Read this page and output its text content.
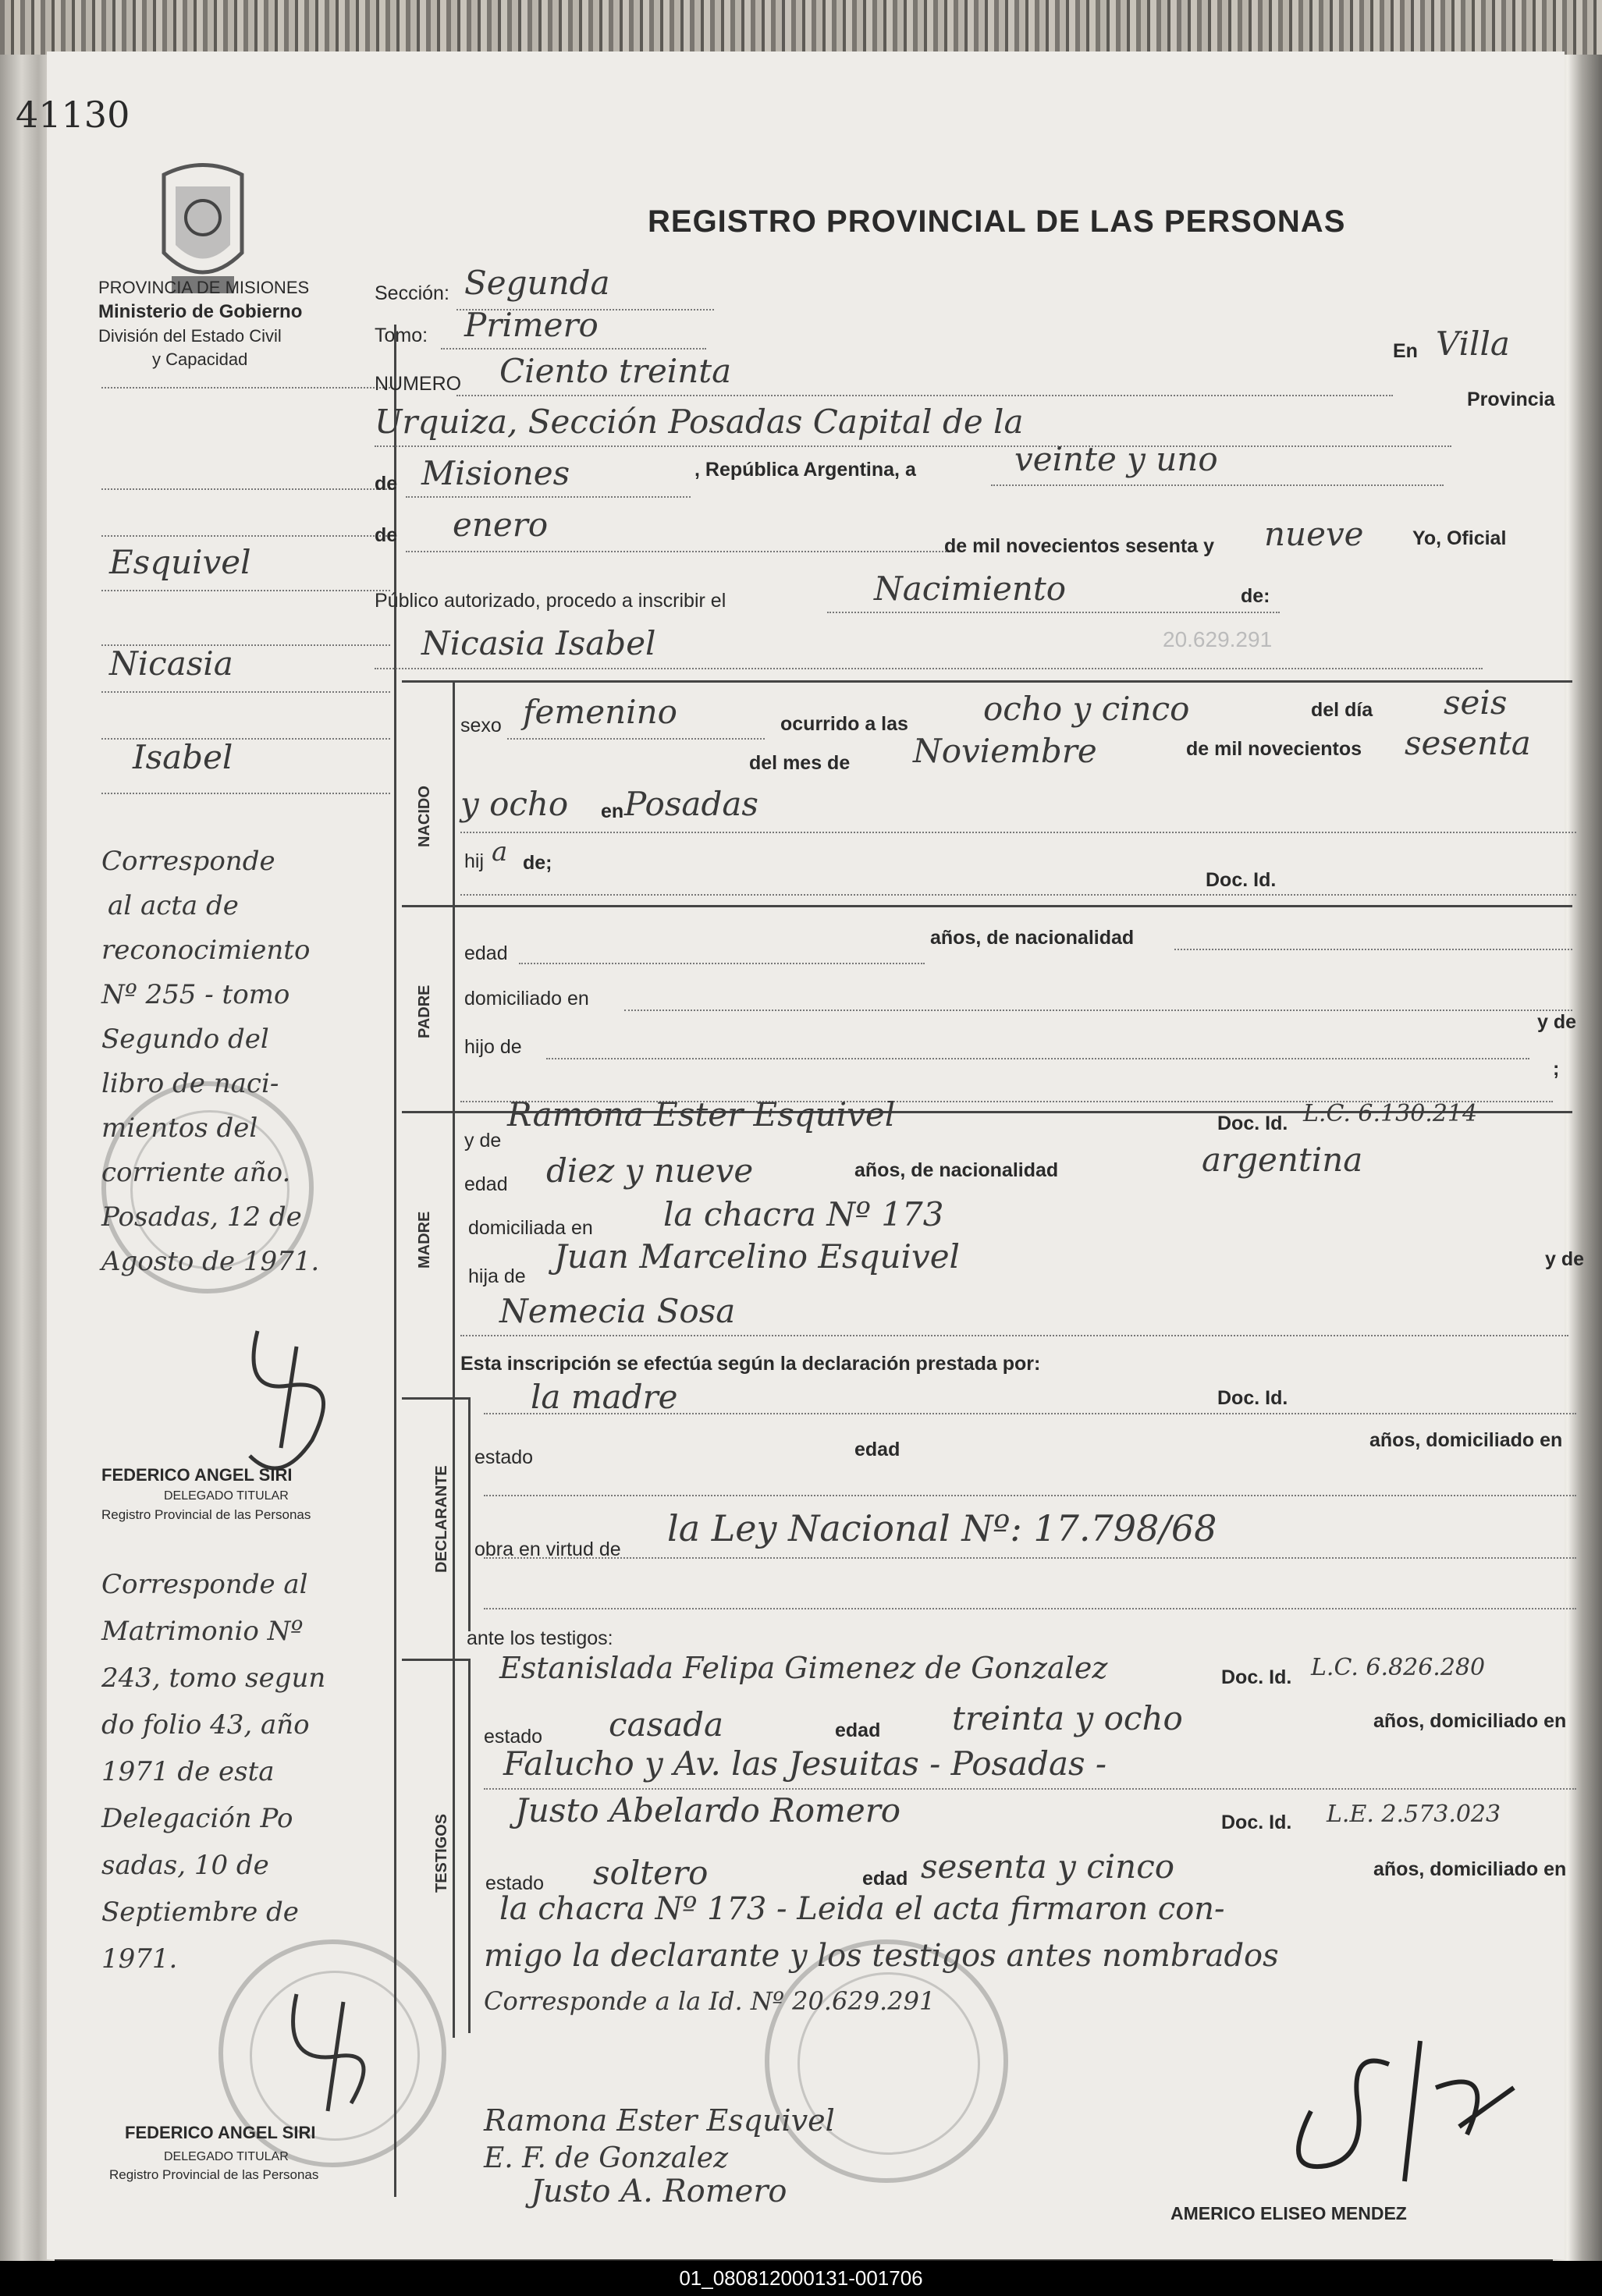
41130
PROVINCIA DE MISIONES
Ministerio de Gobierno
División del Estado Civil
y Capacidad
REGISTRO PROVINCIAL DE LAS PERSONAS
Esquivel
Nicasia
Isabel
Corresponde
al acta de
reconocimiento
Nº 255 - tomo
Segundo del
libro de naci-
mientos del
corriente año.
Posadas, 12 de
Agosto de 1971.
FEDERICO ANGEL SIRI
DELEGADO TITULAR
Registro Provincial de las Personas
Corresponde al
Matrimonio Nº
243, tomo segun
do folio 43, año
1971 de esta
Delegación Po
sadas, 10 de
Septiembre de
1971.
FEDERICO ANGEL SIRI
DELEGADO TITULAR
Registro Provincial de las Personas
Sección: Segunda
Tomo: Primero
En Villa
NUMERO Ciento treinta
Urquiza, Sección Posadas Capital de la
Provincia
de Misiones	, República Argentina, a	veinte y uno
de enero
de mil novecientos sesenta y nueve Yo, Oficial
Público autorizado, procedo a inscribir el	Nacimiento	de:
Nicasia Isabel	20.629.291
NACIDO
sexo femenino	ocurrido a las ocho y cinco	del día seis
del mes de Noviembre	de mil novecientos sesenta
y ocho en Posadas
hij a de;
Doc. Id.
PADRE
edad
años, de nacionalidad
domiciliado en
hijo de
y de
;
MADRE
y de
Ramona Ester Esquivel	Doc. Id. L.C. 6.130.214
edad diez y nueve	años, de nacionalidad	argentina
domiciliada en la chacra Nº 173
hija de
Juan Marcelino Esquivel	y de
Nemecia Sosa
Esta inscripción se efectúa según la declaración prestada por:
la madre	Doc. Id.
DECLARANTE
estado	edad	años, domiciliado en
obra en virtud de la Ley Nacional Nº: 17.798/68
ante los testigos:
TESTIGOS
Estanislada Felipa Gimenez de Gonzalez	Doc. Id. L.C. 6.826.280
estado casada	edad treinta y ocho	años, domiciliado en
Falucho y Av. las Jesuitas - Posadas -
Justo Abelardo Romero	Doc. Id. L.E. 2.573.023
estado soltero	edad sesenta y cinco	años, domiciliado en
la chacra Nº 173 - Leida el acta firmaron con-
migo la declarante y los testigos antes nombrados
Corresponde a la Id. Nº 20.629.291
Ramona Ester Esquivel
E. F. de Gonzalez
Justo A. Romero
AMERICO ELISEO MENDEZ
01_080812000131-001706
